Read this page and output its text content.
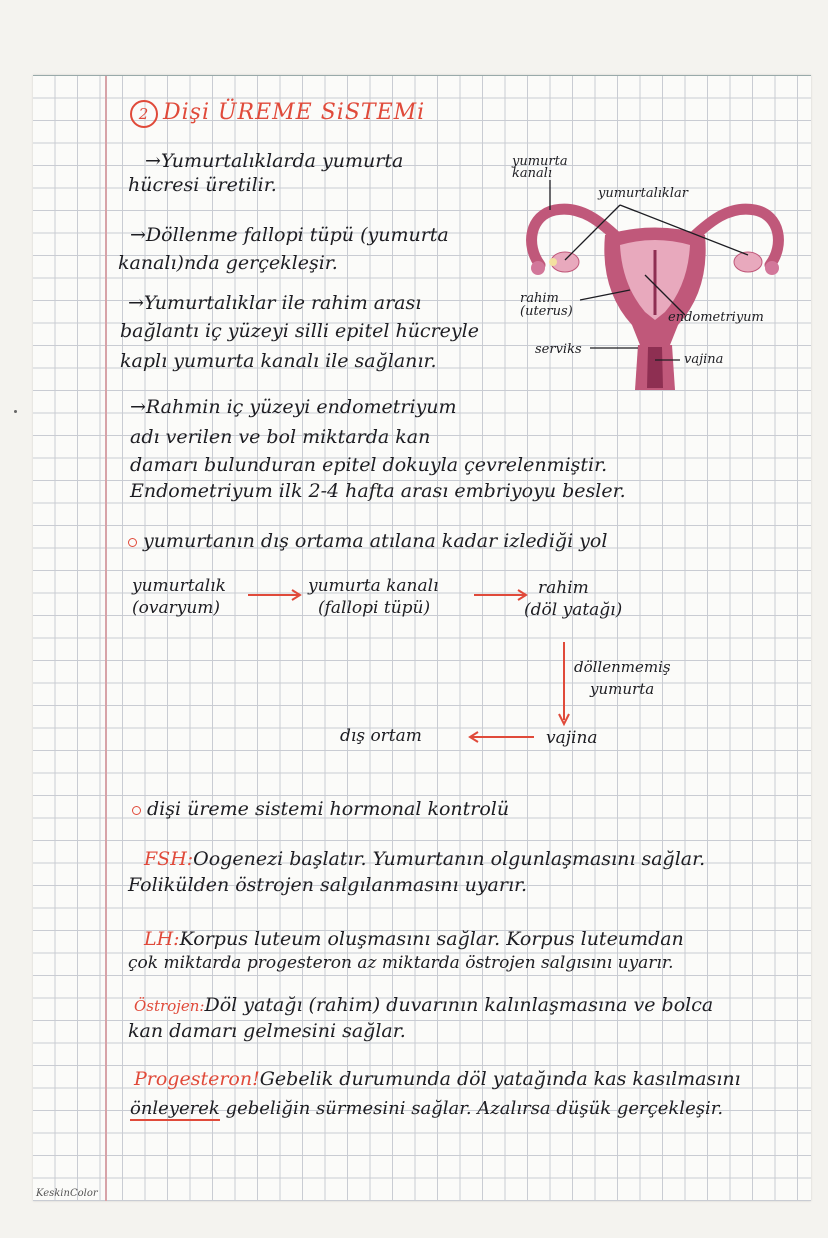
2 Dişi ÜREME SiSTEMi
→Yumurtalıklarda yumurta
hücresi üretilir.
→Döllenme fallopi tüpü (yumurta
kanalı)nda gerçekleşir.
→Yumurtalıklar ile rahim arası
bağlantı iç yüzeyi silli epitel hücreyle
kaplı yumurta kanalı ile sağlanır.
→Rahmin iç yüzeyi endometriyum
adı verilen ve bol miktarda kan
damarı bulunduran epitel dokuyla çevrelenmiştir.
Endometriyum ilk 2-4 hafta arası embriyoyu besler.
yumurta kanalı
yumurtalıklar
rahim (uterus)	endometriyum
serviks
vajina
yumurtanın dış ortama atılana kadar izlediği yol
yumurtalık
(ovaryum)
yumurta kanalı
(fallopi tüpü)
rahim
(döl yatağı)
döllenmemiş
yumurta
vajina
dış ortam
dişi üreme sistemi hormonal kontrolü
FSH:Oogenezi başlatır. Yumurtanın olgunlaşmasını sağlar.
Folikülden östrojen salgılanmasını uyarır.
LH:Korpus luteum oluşmasını sağlar. Korpus luteumdan
çok miktarda progesteron az miktarda östrojen salgısını uyarır.
Östrojen:Döl yatağı (rahim) duvarının kalınlaşmasına ve bolca
kan damarı gelmesini sağlar.
Progesteron!Gebelik durumunda döl yatağında kas kasılmasını
önleyerek gebeliğin sürmesini sağlar. Azalırsa düşük gerçekleşir.
KeskinColor
